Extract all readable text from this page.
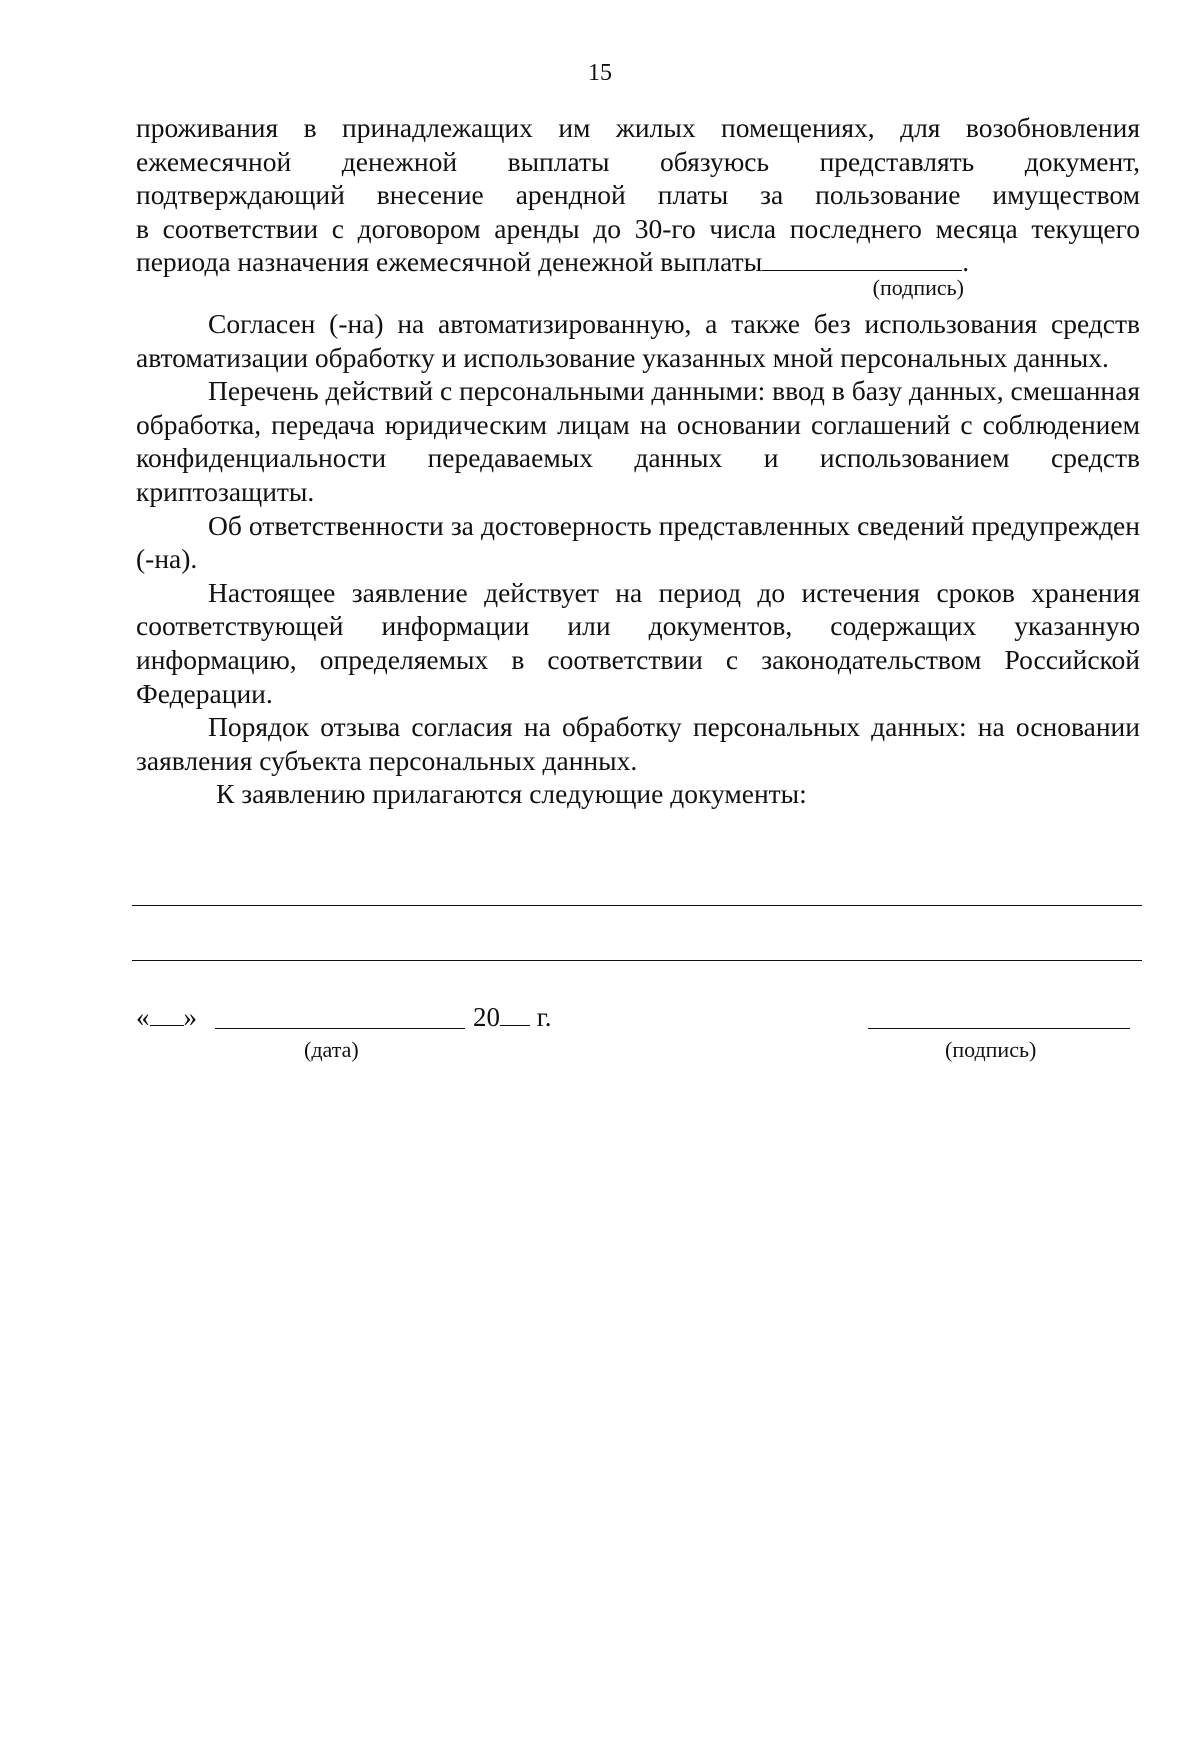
15

проживания в принадлежащих им жилых помещениях, для возобновления

ежемесячной денежной выплаты обязуюсь представлять документ,

подтверждающий внесение арендной платы за пользование имуществом

в соответствии с договором аренды до 30-го числа последнего месяца текущего

периода назначения ежемесячной денежной выплаты	.

(подпись)

Согласен (-на) на автоматизированную, а также без использования средств автоматизации обработку и использование указанных мной персональных данных.

Перечень действий с персональными данными: ввод в базу данных, смешанная обработка, передача юридическим лицам на основании соглашений с соблюдением конфиденциальности передаваемых данных и использованием средств криптозащиты.

Об ответственности за достоверность представленных сведений предупрежден (-на).

Настоящее заявление действует на период до истечения сроков хранения соответствующей информации или документов, содержащих указанную информацию, определяемых в соответствии с законодательством Российской Федерации.

Порядок отзыва согласия на обработку персональных данных: на основании заявления субъекта персональных данных.

К заявлению прилагаются следующие документы:

« »	20 г.
(дата)	(подпись)
